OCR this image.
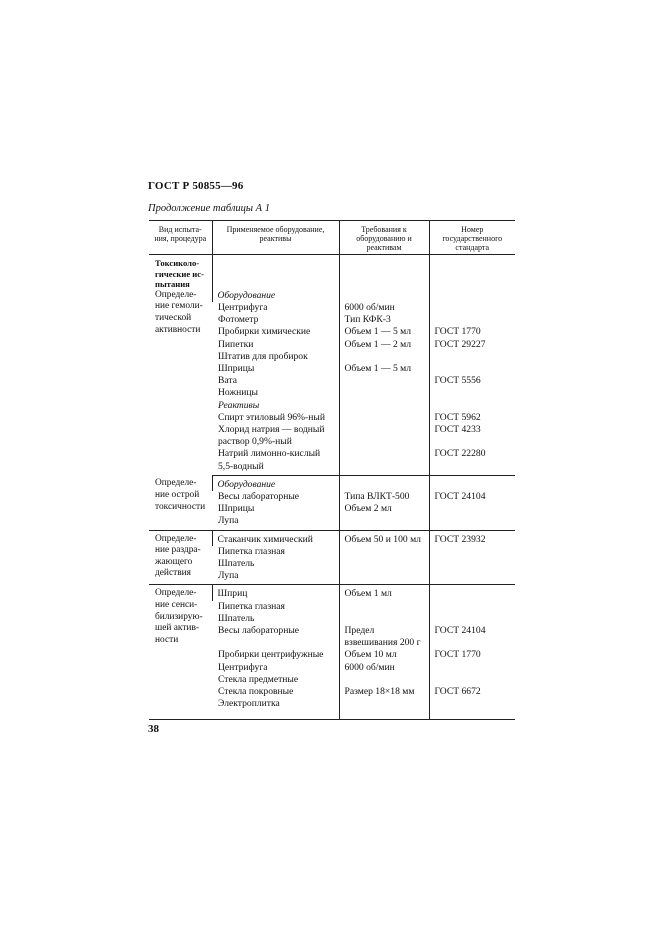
ГОСТ Р 50855—96
Продолжение таблицы А 1
Вид испыта- ния, процедура	Применяемое оборудование, реактивы	Требования к оборудованию и реактивам	Номер государственного стандарта
Токсиколо- гические ис- пытания			
Определе- ние гемоли- тической активности	Оборудование		
	Центрифуга	6000 об/мин	
	Фотометр	Тип КФК-3	
	Пробирки химические	Объем 1 — 5 мл	ГОСТ 1770
	Пипетки	Объем 1 — 2 мл	ГОСТ 29227
	Штатив для пробирок		
	Шприцы	Объем 1 — 5 мл	
	Вата		ГОСТ 5556
	Ножницы		
	Реактивы		
	Спирт этиловый 96%-ный		ГОСТ 5962
	Хлорид натрия — водный раствор 0,9%-ный		ГОСТ 4233
	Натрий лимонно-кислый 5,5-водный		ГОСТ 22280
Определе- ние острой токсичности	Оборудование		
	Весы лабораторные	Типа ВЛКТ-500	ГОСТ 24104
	Шприцы	Объем 2 мл	
	Лупа		
Определе- ние раздра- жающего действия	Стаканчик химический	Объем 50 и 100 мл	ГОСТ 23932
	Пипетка глазная		
	Шпатель		
	Лупа		
Определе- ние сенси- билизирую- шей актив- ности	Шприц	Объем 1 мл	
	Пипетка глазная		
	Шпатель		
	Весы лабораторные	Предел взвешивания 200 г	ГОСТ 24104
	Пробирки центрифужные	Объем 10 мл	ГОСТ 1770
	Центрифуга	6000 об/мин	
	Стекла предметные		
	Стекла покровные	Размер 18×18 мм	ГОСТ 6672
	Электроплитка		
38
